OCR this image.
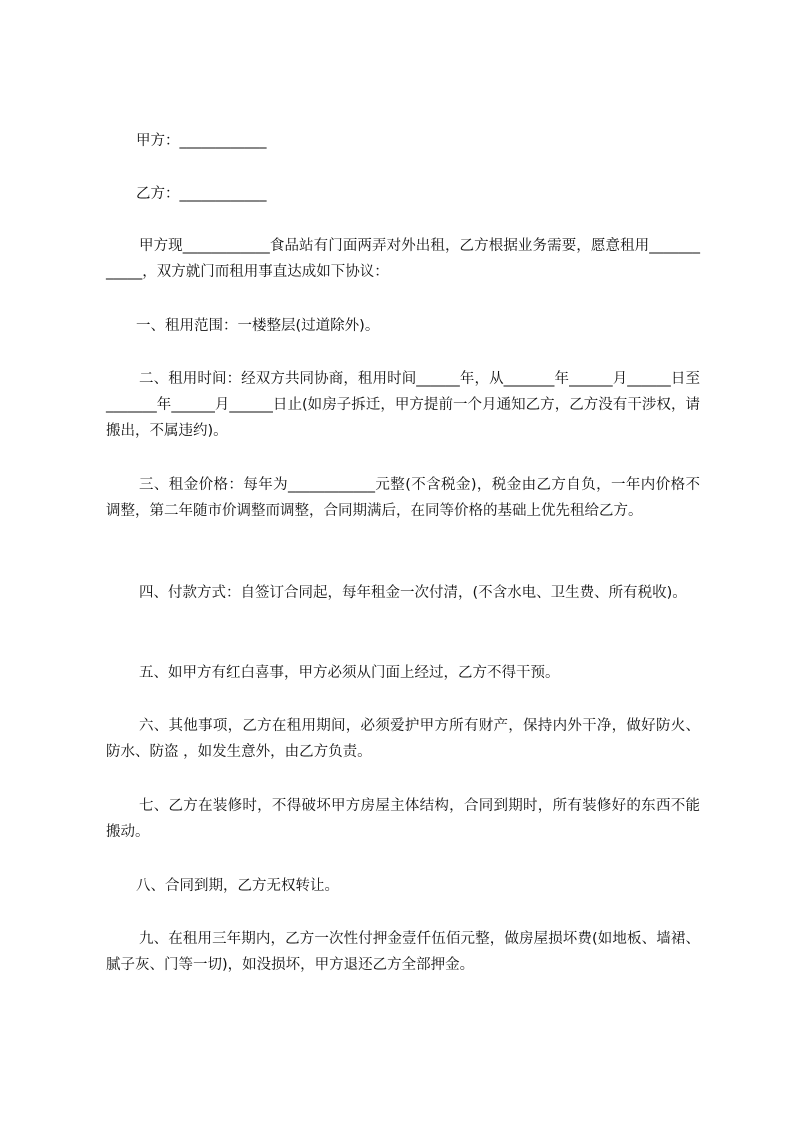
甲方：____________

乙方：____________

甲方现____________食品站有门面两弄对外出租，乙方根据业务需要，愿意租用____________，双方就门而租用事直达成如下协议：

一、租用范围：一楼整层(过道除外)。

二、租用时间：经双方共同协商，租用时间______年，从_______年______月______日至_______年______月______日止(如房子拆迁，甲方提前一个月通知乙方，乙方没有干涉权，请搬出，不属违约)。

三、租金价格：每年为____________元整(不含税金)，税金由乙方自负，一年内价格不调整，第二年随市价调整而调整，合同期满后，在同等价格的基础上优先租给乙方。

四、付款方式：自签订合同起，每年租金一次付清，(不含水电、卫生费、所有税收)。

五、如甲方有红白喜事，甲方必须从门面上经过，乙方不得干预。

六、其他事项，乙方在租用期间，必须爱护甲方所有财产，保持内外干净，做好防火、防水、防盗 ，如发生意外，由乙方负责。

七、乙方在装修时，不得破坏甲方房屋主体结构，合同到期时，所有装修好的东西不能搬动。

八、合同到期，乙方无权转让。

九、在租用三年期内，乙方一次性付押金壹仟伍佰元整，做房屋损坏费(如地板、墙裙、腻子灰、门等一切)，如没损坏，甲方退还乙方全部押金。
